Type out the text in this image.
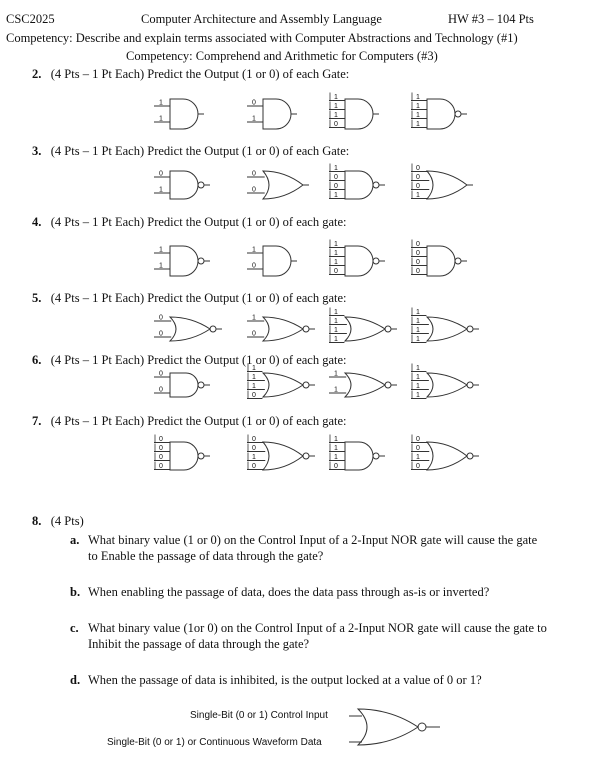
CSC2025	Computer Architecture and Assembly Language	HW #3 – 104 Pts
Competency: Describe and explain terms associated with Computer Abstractions and Technology (#1)
Competency: Comprehend and Arithmetic for Computers (#3)
2. (4 Pts – 1 Pt Each) Predict the Output (1 or 0) of each Gate:
3. (4 Pts – 1 Pt Each) Predict the Output (1 or 0) of each Gate:
4. (4 Pts – 1 Pt Each) Predict the Output (1 or 0) of each gate:
5. (4 Pts – 1 Pt Each) Predict the Output (1 or 0) of each gate:
6. (4 Pts – 1 Pt Each) Predict the Output (1 or 0) of each gate:
7. (4 Pts – 1 Pt Each) Predict the Output (1 or 0) of each gate:
8. (4 Pts)
a. What binary value (1 or 0) on the Control Input of a 2-Input NOR gate will cause the gate
to Enable the passage of data through the gate?
b. When enabling the passage of data, does the data pass through as-is or inverted?
c. What binary value (1or 0) on the Control Input of a 2-Input NOR gate will cause the gate to
Inhibit the passage of data through the gate?
d. When the passage of data is inhibited, is the output locked at a value of 0 or 1?
Single-Bit (0 or 1) Control Input
Single-Bit (0 or 1) or Continuous Waveform Data
1
1
0
1
1
1
1
0
1
1
1
1
0
1
0
0
1
0
0
1
0
0
0
1
1
1
1
0
1
1
1
0
0
0
0
0
0
0
1
0
1
1
1
1
1
1
1
1
0
0
1
1
1
0
1
1
1
1
1
1
0
0
0
0
0
0
1
0
1
1
1
0
0
0
1
0
